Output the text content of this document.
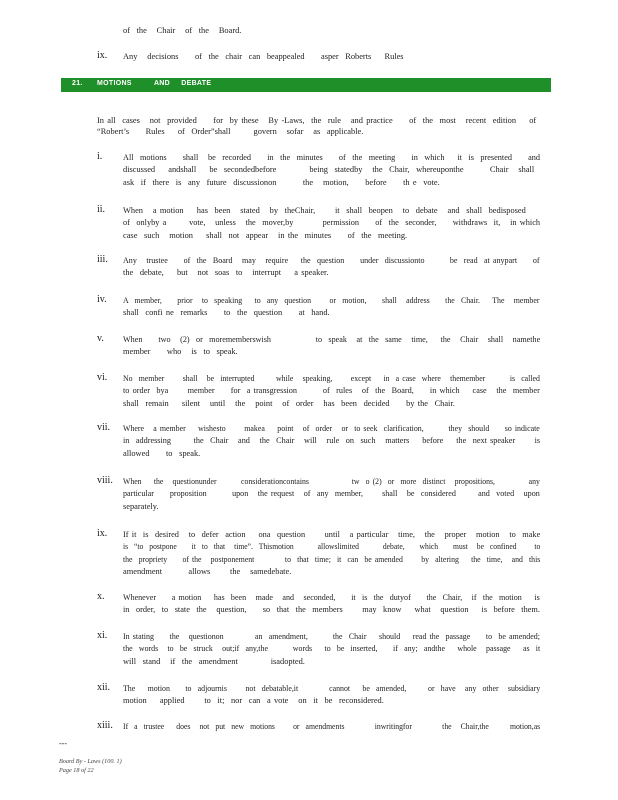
of  the   Chair   of  the   Board.
ix. Any   decisions     of  the  chair  can  beappealed     asper  Roberts    Rules
21. MOTIONS          AND     DEBATE
In all  cases   not  provided     for  by these   By -Laws,  the  rule   and practice     of  the  most   recent  edition    of
“Robert’s     Rules    of  Order”shall       govern   sofar   as  applicable.
i. All  motions     shall   be  recorded     in  the  minutes     of  the  meeting     in  which    it  is  presented     and
discussed    andshall    be  secondedbefore          being  statedby   the  Chair,  whereuponthe        Chair   shall
ask  if  there  is  any  future  discussionon        the   motion,     before     th e  vote.
ii. When   a motion    has  been   stated   by  theChair,      it  shall  beopen   to  debate   and  shall  bedisposed
of  onlyby a       vote,   unless   the  mover,by         permission     of  the  seconder,     withdraws  it,   in which
case  such   motion    shall  not  appear   in the  minutes     of  the  meeting.
iii. Any   trustee     of  the  Board   may   require    the  question     under  discussionto        be  read  at anypart     of
the  debate,    but   not  soas  to   interrupt    a speaker.
iv. A  member,     prior   to  speaking    to  any  question      or  motion,     shall   address     the  Chair.    The   member
shall  confi ne  remarks     to  the  question     at  hand.
v. When     two   (2)  or  morememberswish              to  speak   at  the  same   time,    the   Chair   shall   namethe
member     who   is  to  speak.
vi. No  member      shall   be  interrupted       while   speaking,      except    in  a case  where   themember        is  called
to order  bya      member     for  a transgression        of  rules   of  the  Board,     in which    case   the  member
shall  remain    silent   until   the   point   of  order   has  been  decided     by the  Chair.
vii. Where   a member    wishesto      makea    point   of  order   or  to seek  clarification,        they  should     so indicate
in  addressing       the  Chair   and   the  Chair   will   rule  on  such   matters    before    the  next speaker      is
allowed     to  speak.
viii. When    the   questionunder        considerationcontains              tw  o (2)  or  more  distinct   propositions,           any
particular     proposition        upon   the request   of  any  member,      shall   be  considered       and  voted   upon
separately.
ix. If it  is  desired   to  defer  action    ona  question      until   a particular   time,   the   proper   motion   to  make
is  “to  postpone     it  to  that   time”.  Thismotion        allowslimited        debate,     which     must   be  confined      to
the  propriety     of the   postponement          to  that  time;  it  can  be amended      by  altering    the  time,   and  this
amendment        allows      the   samedebate.
x. Whenever     a motion    has  been   made   and   seconded,     it  is  the  dutyof     the  Chair,   if  the  motion    is
in  order,  to  state  the   question,     so  that  the  members      may  know    what   question    is  before  them.
xi. In stating     the   questionon          an  amendment,        the  Chair    should    read the  passage     to  be amended;
the  words   to  be  struck   out;if  any,the        words    to  be  inserted,     if  any;  andthe    whole   passage    as  it
will  stand   if  the  amendment          isadopted.
xii. The    motion     to  adjournis      not  debatable,it          cannot    be  amended,       or  have   any  other   subsidiary
motion    applied      to  it;  nor  can  a vote   on  it  be  reconsidered.
xiii. If  a  trustee    does   not  put  new  motions      or  amendments          inwritingfor          the   Chair,the       motion,as
---
Board By - Laws (100. 1)
Page 18 of 22
